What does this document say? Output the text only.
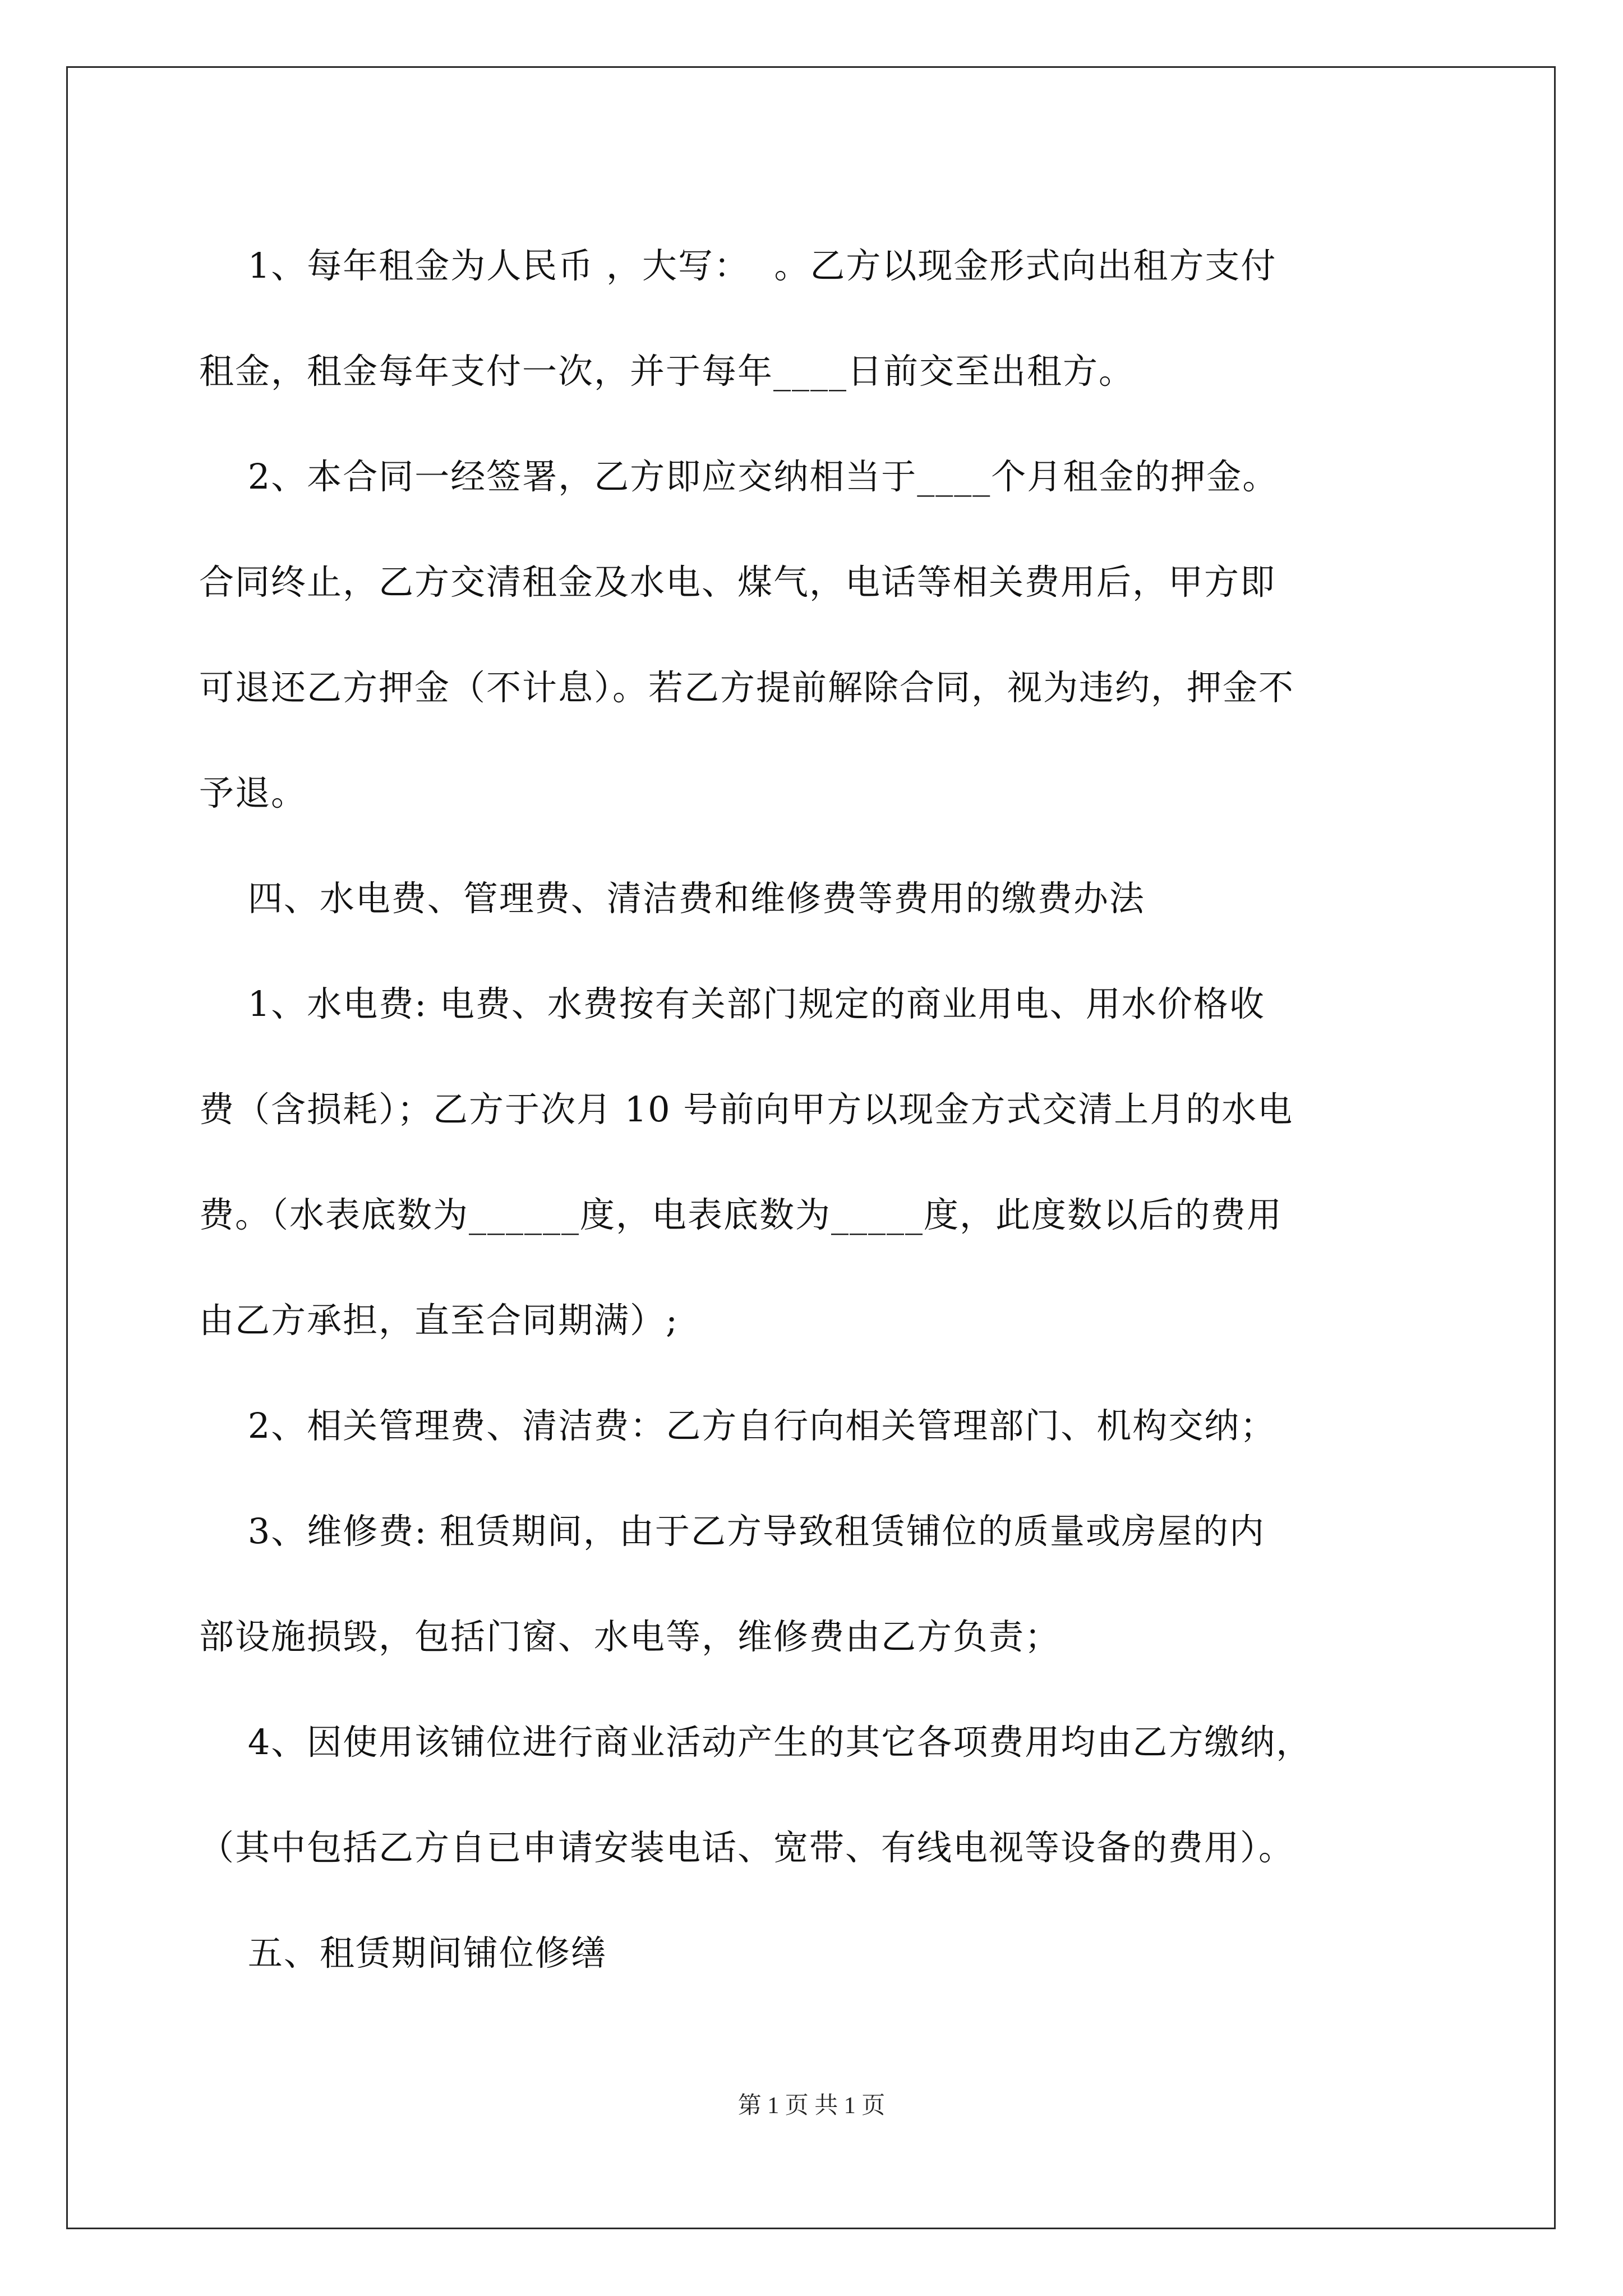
1、每年租金为人民币 ，大写：  。乙方以现金形式向出租方支付
租金，租金每年支付一次，并于每年____日前交至出租方。
2、本合同一经签署，乙方即应交纳相当于____个月租金的押金。
合同终止，乙方交清租金及水电、煤气，电话等相关费用后，甲方即
可退还乙方押金（不计息）。若乙方提前解除合同，视为违约，押金不
予退。
四、水电费、管理费、清洁费和维修费等费用的缴费办法
1、水电费: 电费、水费按有关部门规定的商业用电、用水价格收
费（含损耗）；乙方于次月 10 号前向甲方以现金方式交清上月的水电
费。（水表底数为______度，电表底数为_____度，此度数以后的费用
由乙方承担，直至合同期满）;
2、相关管理费、清洁费：乙方自行向相关管理部门、机构交纳；
3、维修费: 租赁期间，由于乙方导致租赁铺位的质量或房屋的内
部设施损毁，包括门窗、水电等，维修费由乙方负责；
4、因使用该铺位进行商业活动产生的其它各项费用均由乙方缴纳，
（其中包括乙方自已申请安装电话、宽带、有线电视等设备的费用）。
五、租赁期间铺位修缮
第 1 页 共 1 页
